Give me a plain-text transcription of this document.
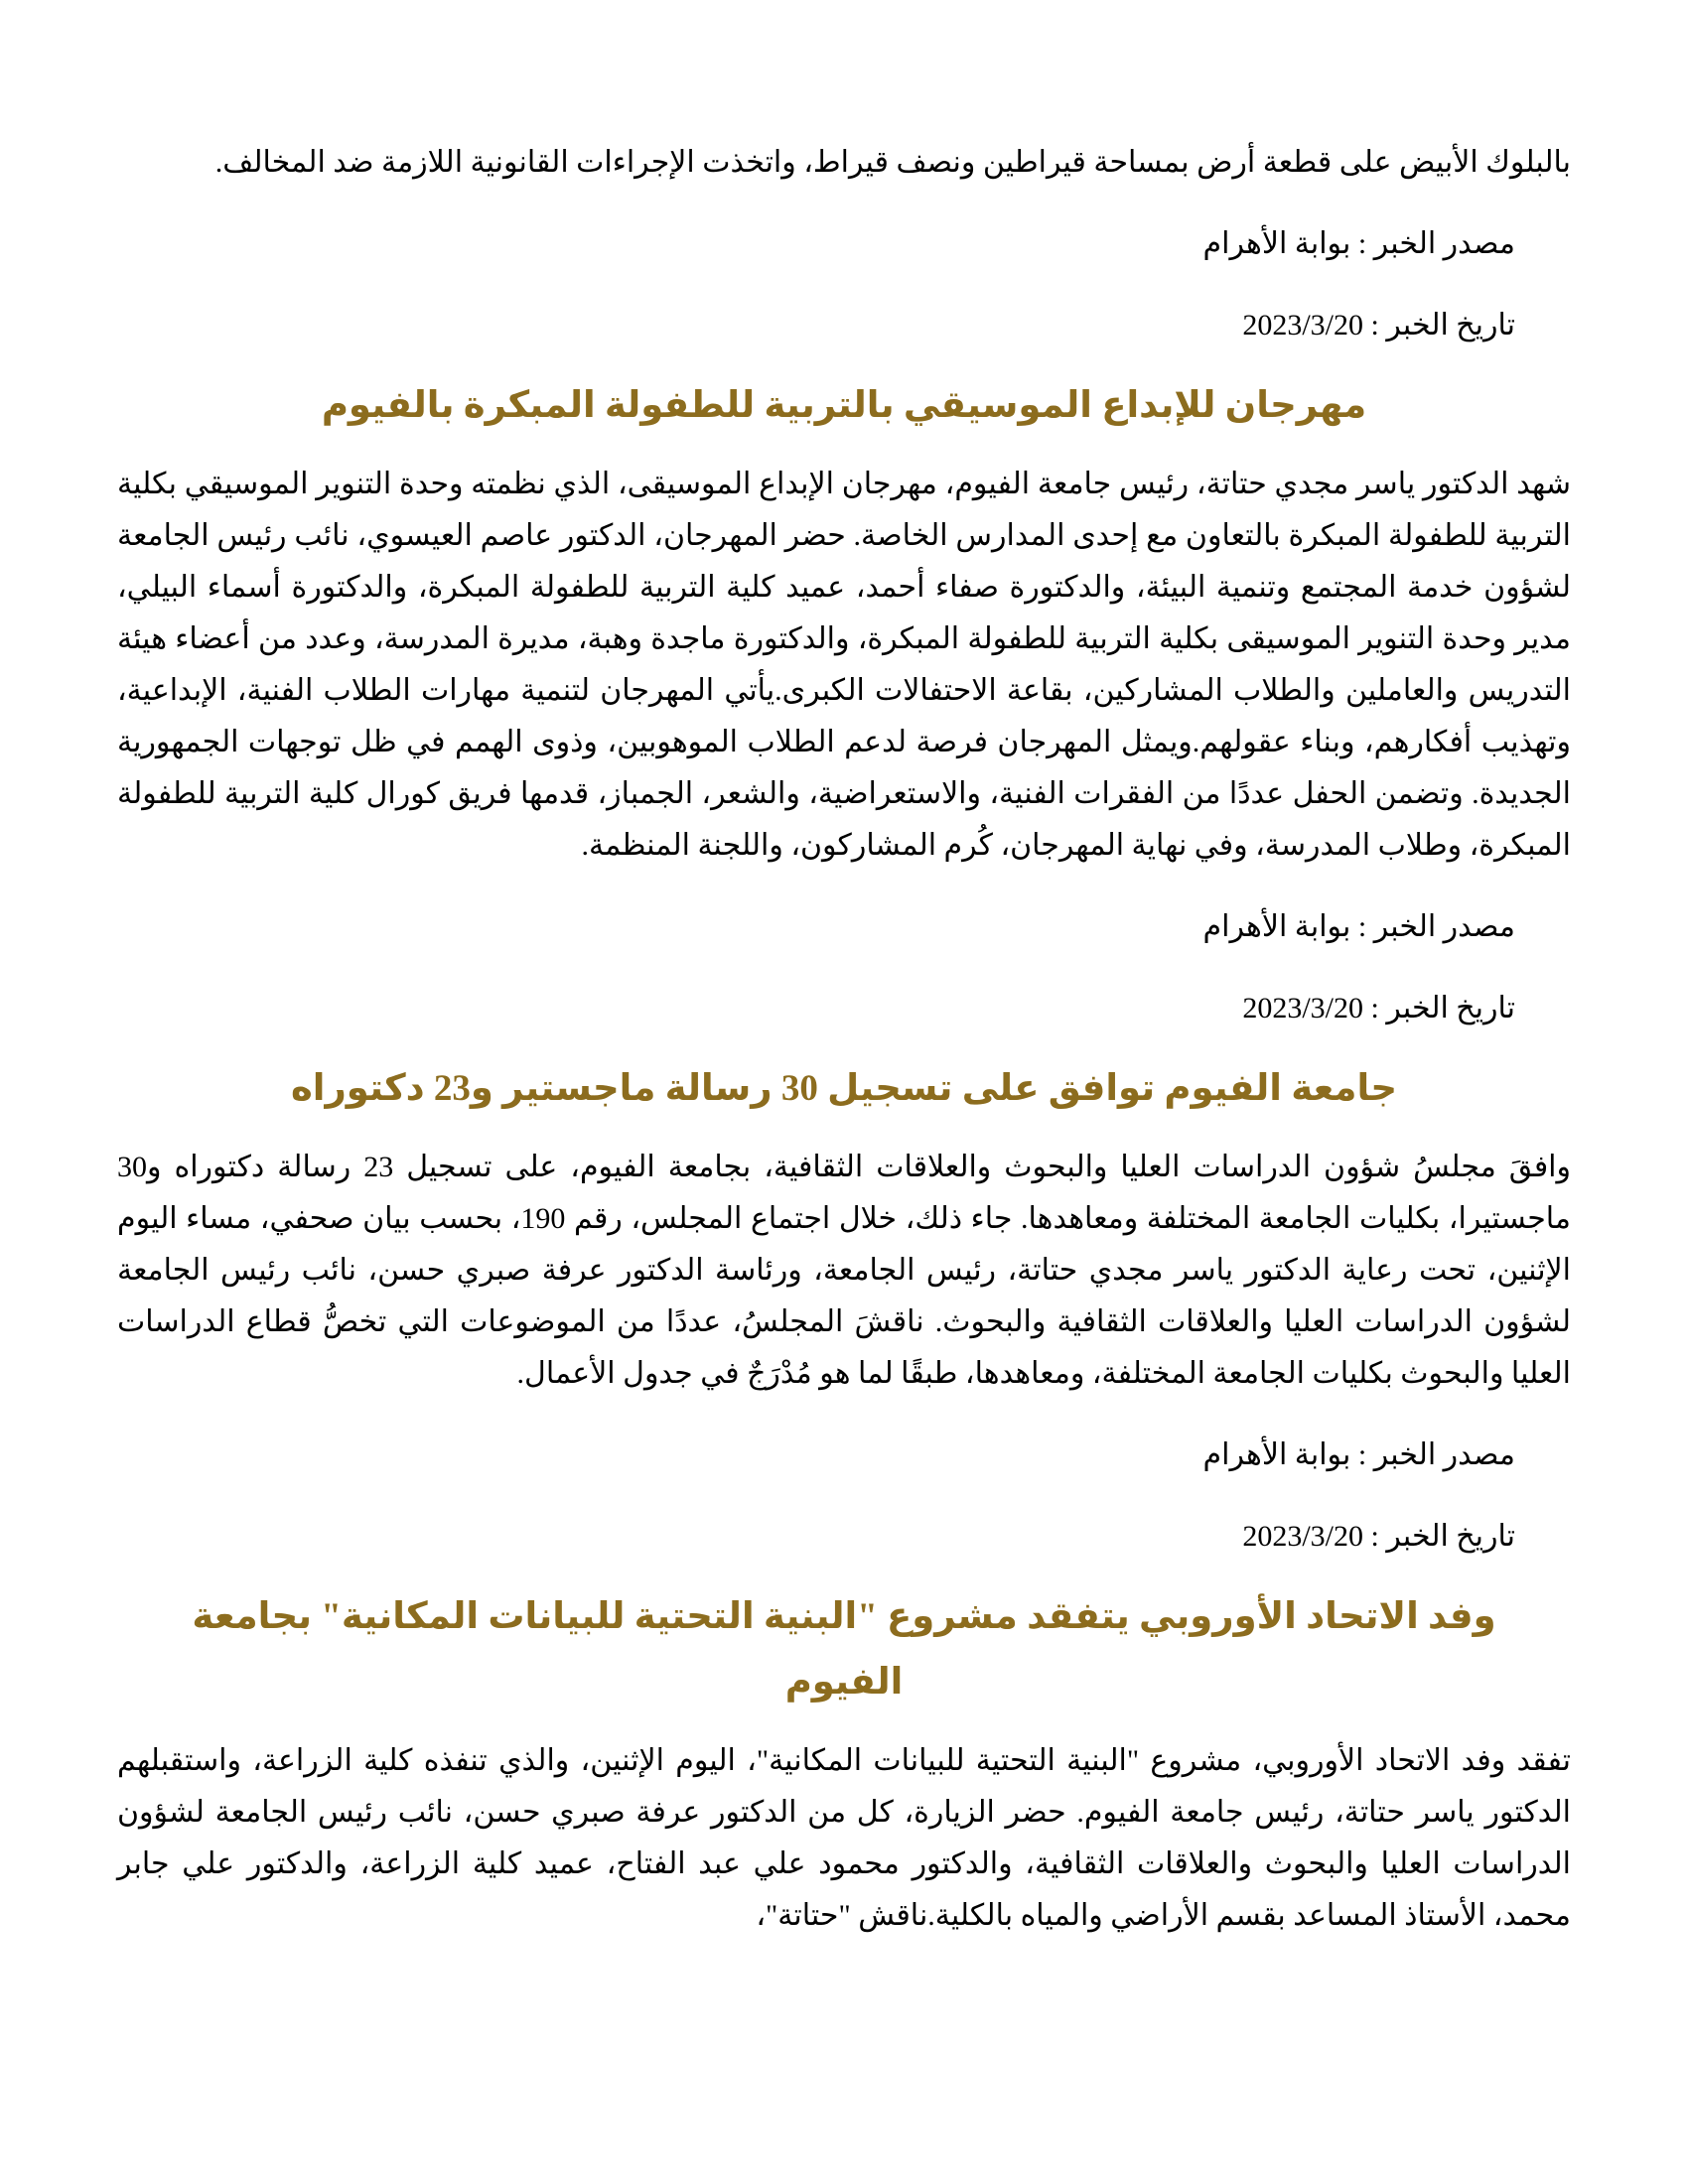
بالبلوك الأبيض على قطعة أرض بمساحة قيراطين ونصف قيراط، واتخذت الإجراءات القانونية اللازمة ضد المخالف.

مصدر الخبر : بوابة الأهرام
تاريخ الخبر : 2023/3/20
مهرجان للإبداع الموسيقي بالتربية للطفولة المبكرة بالفيوم

شهد الدكتور ياسر مجدي حتاتة، رئيس جامعة الفيوم، مهرجان الإبداع الموسيقى، الذي نظمته وحدة التنوير الموسيقي بكلية التربية للطفولة المبكرة بالتعاون مع إحدى المدارس الخاصة. حضر المهرجان، الدكتور عاصم العيسوي، نائب رئيس الجامعة لشؤون خدمة المجتمع وتنمية البيئة، والدكتورة صفاء أحمد، عميد كلية التربية للطفولة المبكرة، والدكتورة أسماء البيلي، مدير وحدة التنوير الموسيقى بكلية التربية للطفولة المبكرة، والدكتورة ماجدة وهبة، مديرة المدرسة، وعدد من أعضاء هيئة التدريس والعاملين والطلاب المشاركين، بقاعة الاحتفالات الكبرى.يأتي المهرجان لتنمية مهارات الطلاب الفنية، الإبداعية، وتهذيب أفكارهم، وبناء عقولهم.ويمثل المهرجان فرصة لدعم الطلاب الموهوبين، وذوى الهمم في ظل توجهات الجمهورية الجديدة. وتضمن الحفل عددًا من الفقرات الفنية، والاستعراضية، والشعر، الجمباز، قدمها فريق كورال كلية التربية للطفولة المبكرة، وطلاب المدرسة، وفي نهاية المهرجان، كُرم المشاركون، واللجنة المنظمة.

مصدر الخبر : بوابة الأهرام
تاريخ الخبر : 2023/3/20
جامعة الفيوم توافق على تسجيل 30 رسالة ماجستير و23 دكتوراه

وافقَ مجلسُ شؤون الدراسات العليا والبحوث والعلاقات الثقافية، بجامعة الفيوم، على تسجيل 23 رسالة دكتوراه و30 ماجستيرا، بكليات الجامعة المختلفة ومعاهدها. جاء ذلك، خلال اجتماع المجلس، رقم 190، بحسب بيان صحفي، مساء اليوم الإثنين، تحت رعاية الدكتور ياسر مجدي حتاتة، رئيس الجامعة، ورئاسة الدكتور عرفة صبري حسن، نائب رئيس الجامعة لشؤون الدراسات العليا والعلاقات الثقافية والبحوث. ناقشَ المجلسُ، عددًا من الموضوعات التي تخصُّ قطاع الدراسات العليا والبحوث بكليات الجامعة المختلفة، ومعاهدها، طبقًا لما هو مُدْرَجٌ في جدول الأعمال.

مصدر الخبر : بوابة الأهرام
تاريخ الخبر : 2023/3/20
وفد الاتحاد الأوروبي يتفقد مشروع "البنية التحتية للبيانات المكانية" بجامعة الفيوم

تفقد وفد الاتحاد الأوروبي، مشروع "البنية التحتية للبيانات المكانية"، اليوم الإثنين، والذي تنفذه كلية الزراعة، واستقبلهم الدكتور ياسر حتاتة، رئيس جامعة الفيوم. حضر الزيارة، كل من الدكتور عرفة صبري حسن، نائب رئيس الجامعة لشؤون الدراسات العليا والبحوث والعلاقات الثقافية، والدكتور محمود علي عبد الفتاح، عميد كلية الزراعة، والدكتور علي جابر محمد، الأستاذ المساعد بقسم الأراضي والمياه بالكلية.ناقش "حتاتة"،
